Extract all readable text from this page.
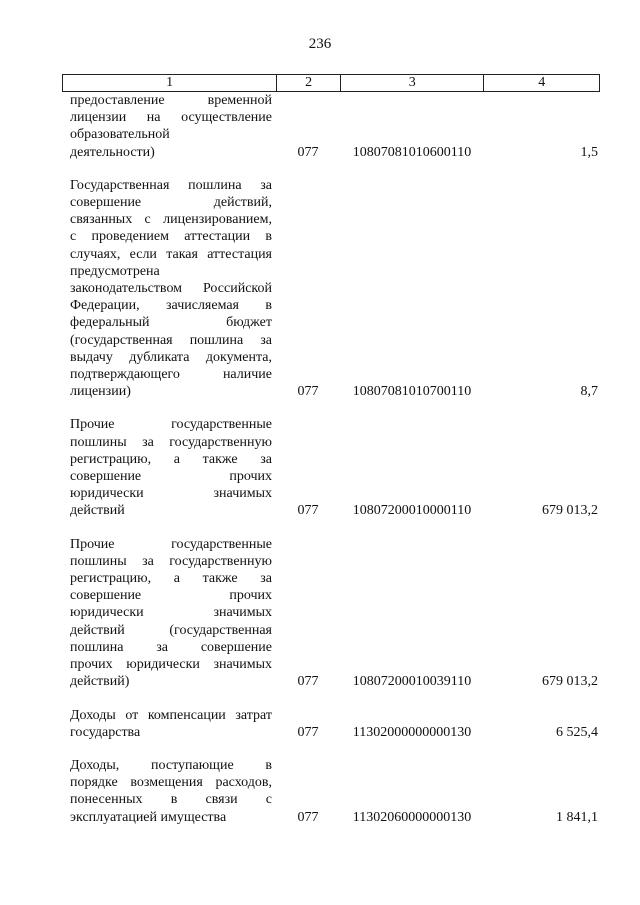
236
1	2	3	4
предоставление временной
лицензии на осуществление
образовательной
деятельности)	077	10807081010600110	1,5
Государственная пошлина за
совершение действий,
связанных с лицензированием,
с проведением аттестации в
случаях, если такая аттестация
предусмотрена
законодательством Российской
Федерации, зачисляемая в
федеральный бюджет
(государственная пошлина за
выдачу дубликата документа,
подтверждающего наличие
лицензии)	077	10807081010700110	8,7
Прочие государственные
пошлины за государственную
регистрацию, а также за
совершение прочих
юридически значимых
действий	077	10807200010000110	679 013,2
Прочие государственные
пошлины за государственную
регистрацию, а также за
совершение прочих
юридически значимых
действий (государственная
пошлина за совершение
прочих юридически значимых
действий)	077	10807200010039110	679 013,2
Доходы от компенсации затрат
государства	077	11302000000000130	6 525,4
Доходы, поступающие в
порядке возмещения расходов,
понесенных в связи с
эксплуатацией имущества	077	11302060000000130	1 841,1
